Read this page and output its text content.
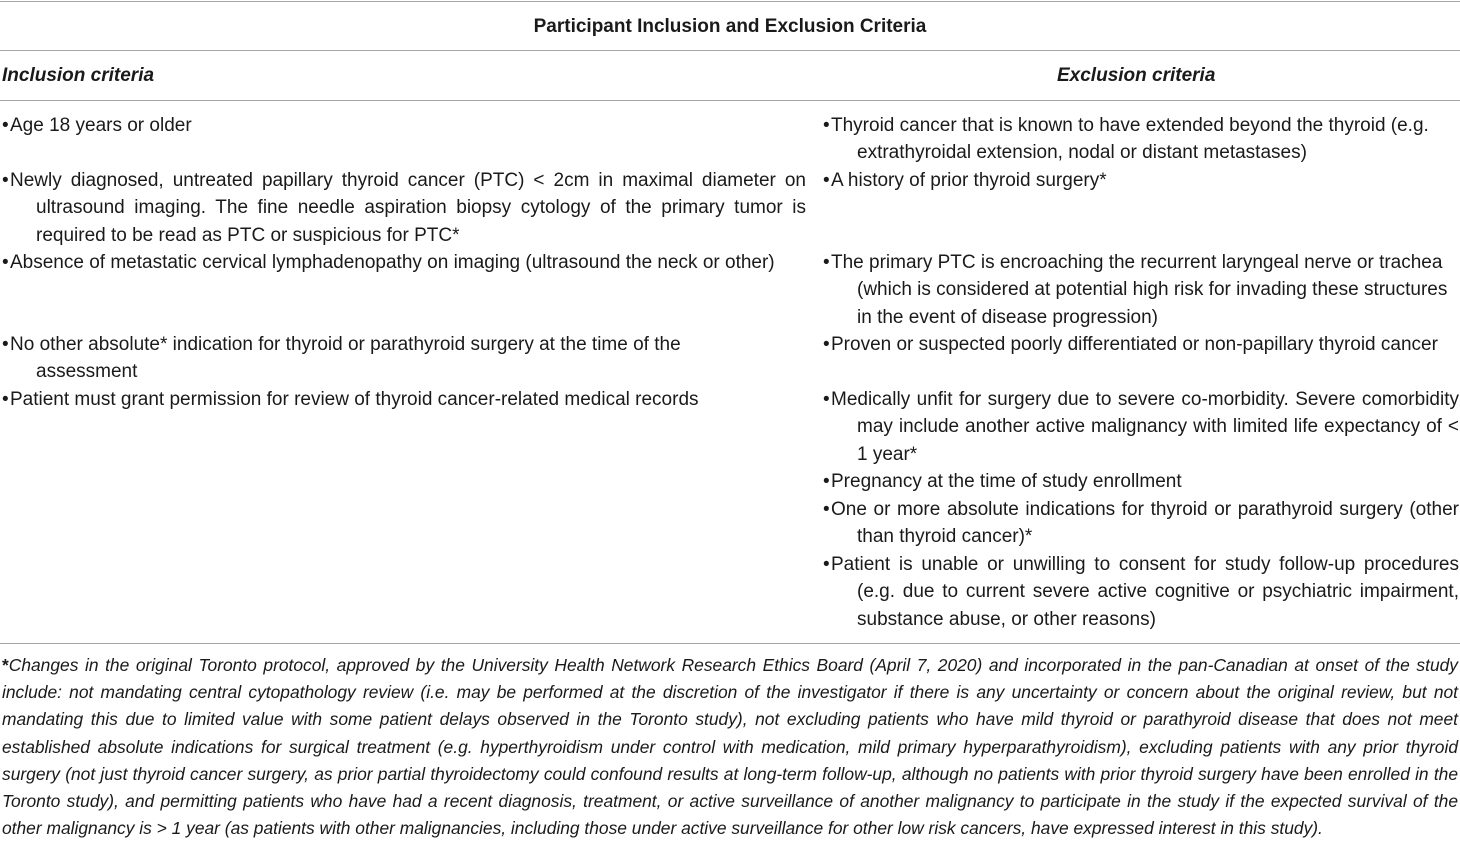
Participant Inclusion and Exclusion Criteria
Inclusion criteria	Exclusion criteria
• Age 18 years or older
• Newly diagnosed, untreated papillary thyroid cancer (PTC) < 2cm in maximal diameter on ultrasound imaging. The fine needle aspiration biopsy cytology of the primary tumor is required to be read as PTC or suspicious for PTC*
• Absence of metastatic cervical lymphadenopathy on imaging (ultrasound the neck or other)
• No other absolute* indication for thyroid or parathyroid surgery at the time of the assessment
• Patient must grant permission for review of thyroid cancer-related medical records
• Thyroid cancer that is known to have extended beyond the thyroid (e.g. extrathyroidal extension, nodal or distant metastases)
• A history of prior thyroid surgery*
• The primary PTC is encroaching the recurrent laryngeal nerve or trachea (which is considered at potential high risk for invading these structures in the event of disease progression)
• Proven or suspected poorly differentiated or non-papillary thyroid cancer
• Medically unfit for surgery due to severe co-morbidity. Severe comorbidity may include another active malignancy with limited life expectancy of < 1 year*
• Pregnancy at the time of study enrollment
• One or more absolute indications for thyroid or parathyroid surgery (other than thyroid cancer)*
• Patient is unable or unwilling to consent for study follow-up procedures (e.g. due to current severe active cognitive or psychiatric impairment, substance abuse, or other reasons)
*Changes in the original Toronto protocol, approved by the University Health Network Research Ethics Board (April 7, 2020) and incorporated in the pan-Canadian at onset of the study include: not mandating central cytopathology review (i.e. may be performed at the discretion of the investigator if there is any uncertainty or concern about the original review, but not mandating this due to limited value with some patient delays observed in the Toronto study), not excluding patients who have mild thyroid or parathyroid disease that does not meet established absolute indications for surgical treatment (e.g. hyperthyroidism under control with medication, mild primary hyperparathyroidism), excluding patients with any prior thyroid surgery (not just thyroid cancer surgery, as prior partial thyroidectomy could confound results at long-term follow-up, although no patients with prior thyroid surgery have been enrolled in the Toronto study), and permitting patients who have had a recent diagnosis, treatment, or active surveillance of another malignancy to participate in the study if the expected survival of the other malignancy is > 1 year (as patients with other malignancies, including those under active surveillance for other low risk cancers, have expressed interest in this study).
